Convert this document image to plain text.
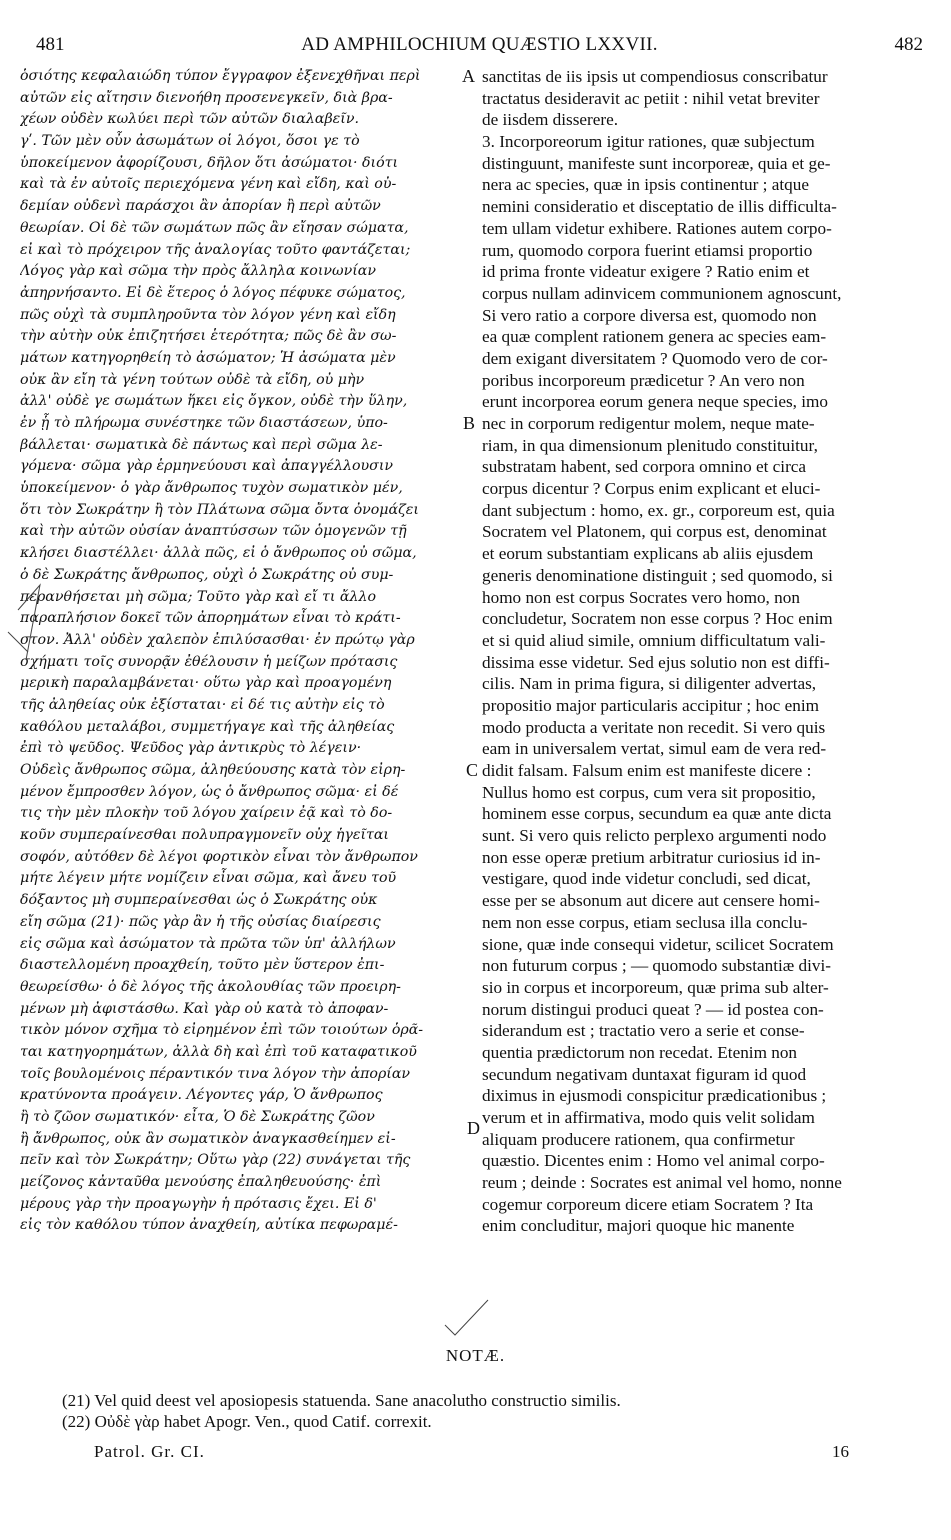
481	AD AMPHILOCHIUM QUÆSTIO LXXVII.	482
ὁσιότης κεφαλαιώδη τύπον ἔγγραφον ἐξενεχθῆναι περὶ
αὐτῶν εἰς αἴτησιν διενοήθη προσενεγκεῖν, διὰ βρα-
χέων οὐδὲν κωλύει περὶ τῶν αὐτῶν διαλαβεῖν.
γʹ. Τῶν μὲν οὖν ἀσωμάτων οἱ λόγοι, ὅσοι γε τὸ
ὑποκείμενον ἀφορίζουσι, δῆλον ὅτι ἀσώματοι· διότι
καὶ τὰ ἐν αὐτοῖς περιεχόμενα γένη καὶ εἴδη, καὶ οὐ-
δεμίαν οὐδενὶ παράσχοι ἂν ἀπορίαν ἢ περὶ αὐτῶν
θεωρίαν. Οἱ δὲ τῶν σωμάτων πῶς ἂν εἴησαν σώματα,
εἰ καὶ τὸ πρόχειρον τῆς ἀναλογίας τοῦτο φαντάζεται;
Λόγος γὰρ καὶ σῶμα τὴν πρὸς ἄλληλα κοινωνίαν
ἀπηρνήσαντο. Εἰ δὲ ἕτερος ὁ λόγος πέφυκε σώματος,
πῶς οὐχὶ τὰ συμπληροῦντα τὸν λόγον γένη καὶ εἴδη
τὴν αὐτὴν οὐκ ἐπιζητήσει ἑτερότητα; πῶς δὲ ἂν σω-
μάτων κατηγορηθείη τὸ ἀσώματον; Ἡ ἀσώματα μὲν
οὐκ ἂν εἴη τὰ γένη τούτων οὐδὲ τὰ εἴδη, οὐ μὴν
ἀλλ' οὐδὲ γε σωμάτων ἥκει εἰς ὄγκον, οὐδὲ τὴν ὕλην,
ἐν ᾗ τὸ πλήρωμα συνέστηκε τῶν διαστάσεων, ὑπο-
βάλλεται· σωματικὰ δὲ πάντως καὶ περὶ σῶμα λε-
γόμενα· σῶμα γὰρ ἑρμηνεύουσι καὶ ἀπαγγέλλουσιν
ὑποκείμενον· ὁ γὰρ ἄνθρωπος τυχὸν σωματικὸν μέν,
ὅτι τὸν Σωκράτην ἢ τὸν Πλάτωνα σῶμα ὄντα ὀνομάζει
καὶ τὴν αὐτῶν οὐσίαν ἀναπτύσσων τῶν ὁμογενῶν τῇ
κλήσει διαστέλλει· ἀλλὰ πῶς, εἰ ὁ ἄνθρωπος οὐ σῶμα,
ὁ δὲ Σωκράτης ἄνθρωπος, οὐχὶ ὁ Σωκράτης οὐ συμ-
περανθήσεται μὴ σῶμα; Τοῦτο γὰρ καὶ εἴ τι ἄλλο
παραπλήσιον δοκεῖ τῶν ἀπορημάτων εἶναι τὸ κράτι-
στον. Ἀλλ' οὐδὲν χαλεπὸν ἐπιλύσασθαι· ἐν πρώτῳ γὰρ
σχήματι τοῖς συνορᾷν ἐθέλουσιν ἡ μείζων πρότασις
μερικὴ παραλαμβάνεται· οὕτω γὰρ καὶ προαγομένη
τῆς ἀληθείας οὐκ ἐξίσταται· εἰ δέ τις αὐτὴν εἰς τὸ
καθόλου μεταλάβοι, συμμετήγαγε καὶ τῆς ἀληθείας
ἐπὶ τὸ ψεῦδος. Ψεῦδος γὰρ ἀντικρὺς τὸ λέγειν·
Οὐδεὶς ἄνθρωπος σῶμα, ἀληθεύουσης κατὰ τὸν εἰρη-
μένον ἔμπροσθεν λόγον, ὡς ὁ ἄνθρωπος σῶμα· εἰ δέ
τις τὴν μὲν πλοκὴν τοῦ λόγου χαίρειν ἐᾷ καὶ τὸ δο-
κοῦν συμπεραίνεσθαι πολυπραγμονεῖν οὐχ ἡγεῖται
σοφόν, αὐτόθεν δὲ λέγοι φορτικὸν εἶναι τὸν ἄνθρωπον
μήτε λέγειν μήτε νομίζειν εἶναι σῶμα, καὶ ἄνευ τοῦ
δόξαντος μὴ συμπεραίνεσθαι ὡς ὁ Σωκράτης οὐκ
εἴη σῶμα (21)· πῶς γὰρ ἂν ἡ τῆς οὐσίας διαίρεσις
εἰς σῶμα καὶ ἀσώματον τὰ πρῶτα τῶν ὑπ' ἀλλήλων
διαστελλομένη προαχθείη, τοῦτο μὲν ὕστερον ἐπι-
θεωρείσθω· ὁ δὲ λόγος τῆς ἀκολουθίας τῶν προειρη-
μένων μὴ ἀφιστάσθω. Καὶ γὰρ οὐ κατὰ τὸ ἀποφαν-
τικὸν μόνον σχῆμα τὸ εἰρημένον ἐπὶ τῶν τοιούτων ὁρᾶ-
ται κατηγορημάτων, ἀλλὰ δὴ καὶ ἐπὶ τοῦ καταφατικοῦ
τοῖς βουλομένοις πέραντικόν τινα λόγον τὴν ἀπορίαν
κρατύνοντα προάγειν. Λέγοντες γάρ, Ὁ ἄνθρωπος
ἢ τὸ ζῶον σωματικόν· εἶτα, Ὁ δὲ Σωκράτης ζῶον
ἢ ἄνθρωπος, οὐκ ἂν σωματικὸν ἀναγκασθείημεν εἰ-
πεῖν καὶ τὸν Σωκράτην; Οὕτω γὰρ (22) συνάγεται τῆς
μείζονος κἀνταῦθα μενούσης ἐπαληθευούσης· ἐπὶ
μέρους γὰρ τὴν προαγωγὴν ἡ πρότασις ἔχει. Εἰ δ'
εἰς τὸν καθόλου τύπον ἀναχθείη, αὐτίκα πεφωραμέ-
sanctitas de iis ipsis ut compendiosus conscribatur
tractatus desideravit ac petiit : nihil vetat breviter
de iisdem disserere.
3. Incorporeorum igitur rationes, quæ subjectum
distinguunt, manifeste sunt incorporeæ, quia et ge-
nera ac species, quæ in ipsis continentur ; atque
nemini consideratio et disceptatio de illis difficulta-
tem ullam videtur exhibere. Rationes autem corpo-
rum, quomodo corpora fuerint etiamsi proportio
id prima fronte videatur exigere ? Ratio enim et
corpus nullam adinvicem communionem agnoscunt,
Si vero ratio a corpore diversa est, quomodo non
ea quæ complent rationem genera ac species eam-
dem exigant diversitatem ? Quomodo vero de cor-
poribus incorporeum prædicetur ? An vero non
erunt incorporea eorum genera neque species, imo
nec in corporum redigentur molem, neque mate-
riam, in qua dimensionum plenitudo constituitur,
substratam habent, sed corpora omnino et circa
corpus dicentur ? Corpus enim explicant et eluci-
dant subjectum : homo, ex. gr., corporeum est, quia
Socratem vel Platonem, qui corpus est, denominat
et eorum substantiam explicans ab aliis ejusdem
generis denominatione distinguit ; sed quomodo, si
homo non est corpus Socrates vero homo, non
concludetur, Socratem non esse corpus ? Hoc enim
et si quid aliud simile, omnium difficultatum vali-
dissima esse videtur. Sed ejus solutio non est diffi-
cilis. Nam in prima figura, si diligenter advertas,
propositio major particularis accipitur ; hoc enim
modo producta a veritate non recedit. Si vero quis
eam in universalem vertat, simul eam de vera red-
didit falsam. Falsum enim est manifeste dicere :
Nullus homo est corpus, cum vera sit propositio,
hominem esse corpus, secundum ea quæ ante dicta
sunt. Si vero quis relicto perplexo argumenti nodo
non esse operæ pretium arbitratur curiosius id in-
vestigare, quod inde videtur concludi, sed dicat,
esse per se absonum aut dicere aut censere homi-
nem non esse corpus, etiam seclusa illa conclu-
sione, quæ inde consequi videtur, scilicet Socratem
non futurum corpus ; — quomodo substantiæ divi-
sio in corpus et incorporeum, quæ prima sub alter-
norum distingui produci queat ? — id postea con-
siderandum est ; tractatio vero a serie et conse-
quentia prædictorum non recedat. Etenim non
secundum negativam duntaxat figuram id quod
diximus in ejusmodi conspicitur prædicationibus ;
verum et in affirmativa, modo quis velit solidam
aliquam producere rationem, qua confirmetur
quæstio. Dicentes enim : Homo vel animal corpo-
reum ; deinde : Socrates est animal vel homo, nonne
cogemur corporeum dicere etiam Socratem ? Ita
enim concluditur, majori quoque hic manente
A
B
C
D
NOTÆ.
(21) Vel quid deest vel aposiopesis statuenda. Sane anacolutho constructio similis.
(22) Οὐδὲ γὰρ habet Apogr. Ven., quod Catif. correxit.
Patrol. Gr. CI.	16
